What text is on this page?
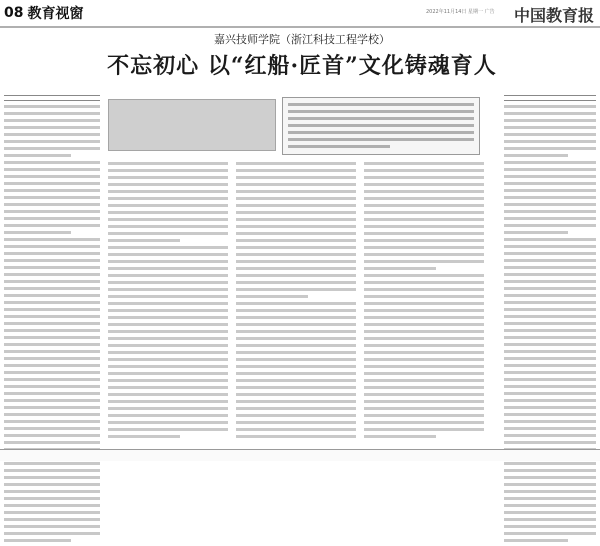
08 教育视窗	2022年11月14日 星期一 广告 中国教育报
嘉兴技师学院（浙江科技工程学校）
不忘初心 以“红船·匠首”文化铸魂育人
